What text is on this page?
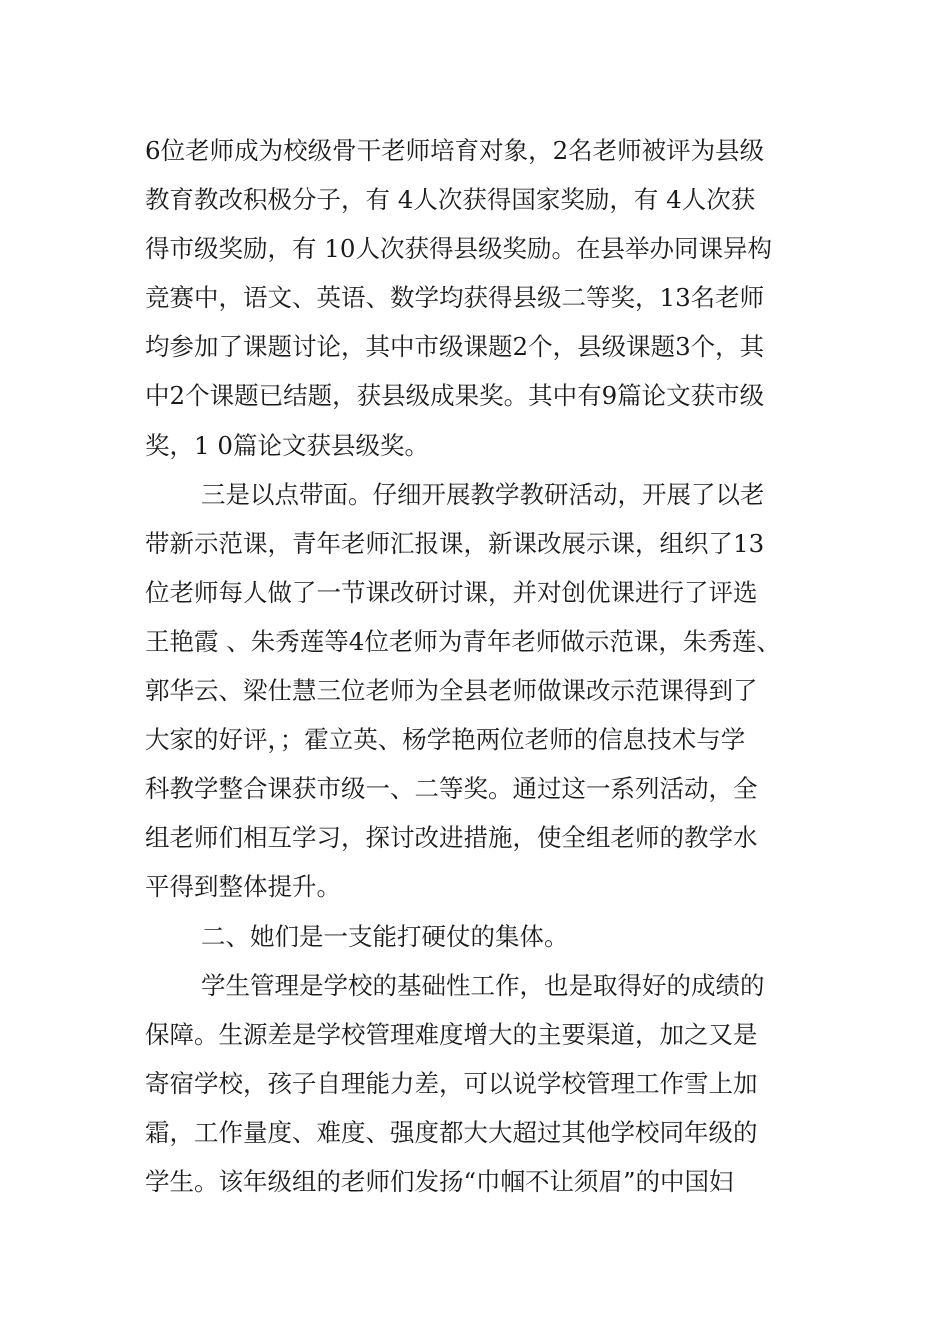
6位老师成为校级骨干老师培育对象，2名老师被评为县级
教育教改积极分子，有 4人次获得国家奖励，有 4人次获
得市级奖励，有 10人次获得县级奖励。在县举办同课异构
竞赛中，语文、英语、数学均获得县级二等奖，13名老师
均参加了课题讨论，其中市级课题2个，县级课题3个，其
中2个课题已结题，获县级成果奖。其中有9篇论文获市级
奖，1 0篇论文获县级奖。
三是以点带面。仔细开展教学教研活动，开展了以老
带新示范课，青年老师汇报课，新课改展示课，组织了13
位老师每人做了一节课改研讨课，并对创优课进行了评选
王艳霞 、朱秀莲等4位老师为青年老师做示范课，朱秀莲、
郭华云、梁仕慧三位老师为全县老师做课改示范课得到了
大家的好评，；霍立英、杨学艳两位老师的信息技术与学
科教学整合课获市级一、二等奖。通过这一系列活动，全
组老师们相互学习，探讨改进措施，使全组老师的教学水
平得到整体提升。
二、她们是一支能打硬仗的集体。
学生管理是学校的基础性工作，也是取得好的成绩的
保障。生源差是学校管理难度增大的主要渠道，加之又是
寄宿学校，孩子自理能力差，可以说学校管理工作雪上加
霜，工作量度、难度、强度都大大超过其他学校同年级的
学生。该年级组的老师们发扬“巾帼不让须眉”的中国妇
